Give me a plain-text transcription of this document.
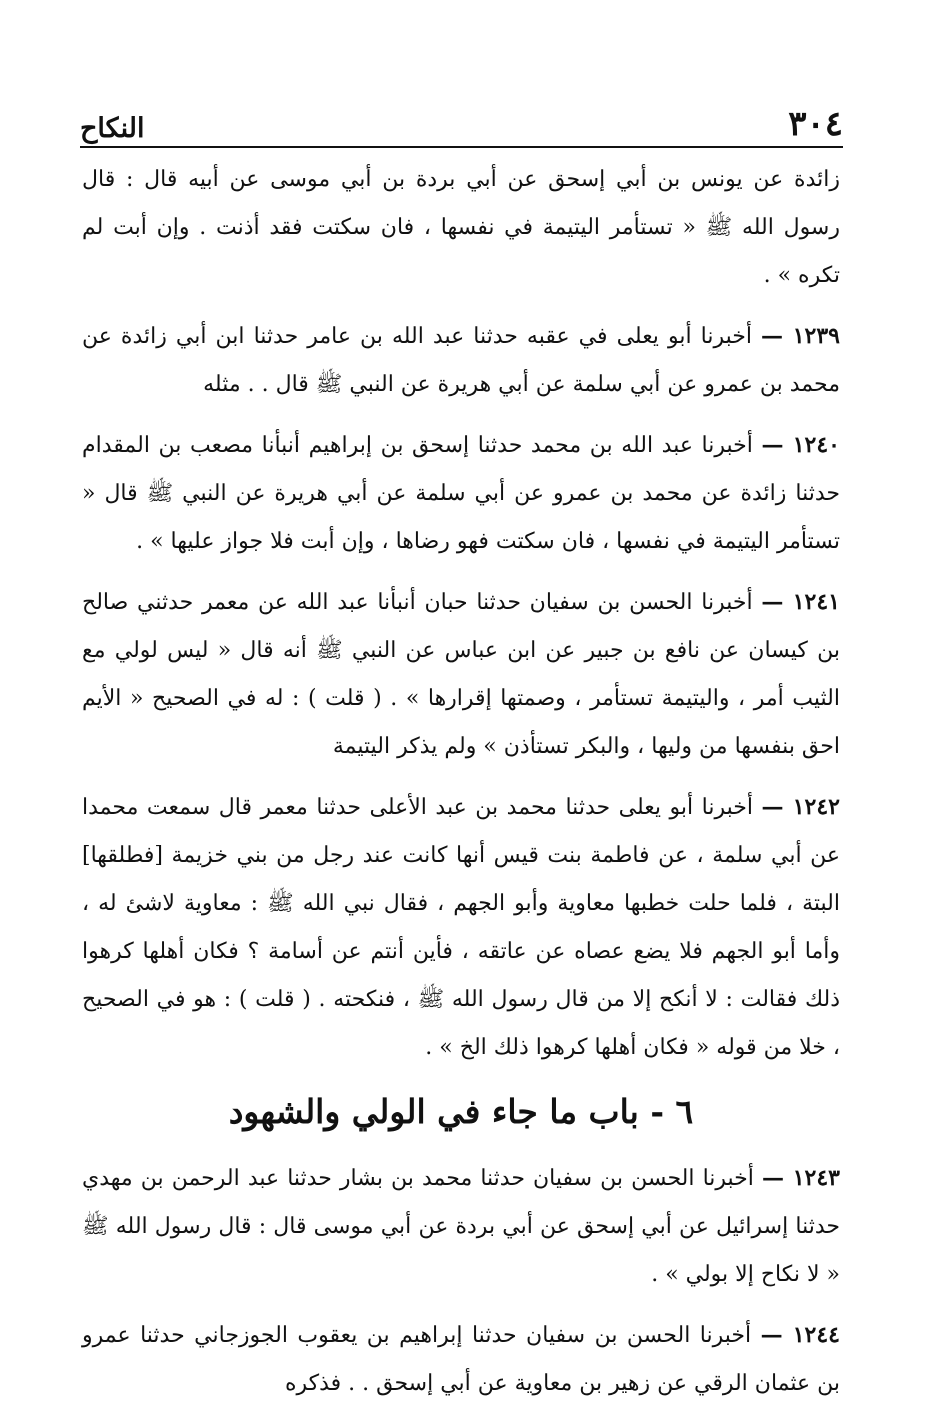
٣٠٤
النكاح

زائدة عن يونس بن أبي إسحق عن أبي بردة بن أبي موسى عن أبيه قال : قال رسول الله ﷺ « تستأمر اليتيمة في نفسها ، فان سكتت فقد أذنت . وإن أبت لم تكره » .

١٢٣٩ — أخبرنا أبو يعلى في عقبه حدثنا عبد الله بن عامر حدثنا ابن أبي زائدة عن محمد بن عمرو عن أبي سلمة عن أبي هريرة عن النبي ﷺ قال . . مثله

١٢٤٠ — أخبرنا عبد الله بن محمد حدثنا إسحق بن إبراهيم أنبأنا مصعب بن المقدام حدثنا زائدة عن محمد بن عمرو عن أبي سلمة عن أبي هريرة عن النبي ﷺ قال « تستأمر اليتيمة في نفسها ، فان سكتت فهو رضاها ، وإن أبت فلا جواز عليها » .

١٢٤١ — أخبرنا الحسن بن سفيان حدثنا حبان أنبأنا عبد الله عن معمر حدثني صالح بن كيسان عن نافع بن جبير عن ابن عباس عن النبي ﷺ أنه قال « ليس لولي مع الثيب أمر ، واليتيمة تستأمر ، وصمتها إقرارها » . ( قلت ) : له في الصحيح « الأيم احق بنفسها من وليها ، والبكر تستأذن » ولم يذكر اليتيمة

١٢٤٢ — أخبرنا أبو يعلى حدثنا محمد بن عبد الأعلى حدثنا معمر قال سمعت محمدا عن أبي سلمة ، عن فاطمة بنت قيس أنها كانت عند رجل من بني خزيمة [فطلقها] البتة ، فلما حلت خطبها معاوية وأبو الجهم ، فقال نبي الله ﷺ : معاوية لاشئ له ، وأما أبو الجهم فلا يضع عصاه عن عاتقه ، فأين أنتم عن أسامة ؟ فكان أهلها كرهوا ذلك فقالت : لا أنكح إلا من قال رسول الله ﷺ ، فنكحته . ( قلت ) : هو في الصحيح ، خلا من قوله « فكان أهلها كرهوا ذلك الخ » .

٦ - باب ما جاء في الولي والشهود

١٢٤٣ — أخبرنا الحسن بن سفيان حدثنا محمد بن بشار حدثنا عبد الرحمن بن مهدي حدثنا إسرائيل عن أبي إسحق عن أبي بردة عن أبي موسى قال : قال رسول الله ﷺ « لا نكاح إلا بولي » .

١٢٤٤ — أخبرنا الحسن بن سفيان حدثنا إبراهيم بن يعقوب الجوزجاني حدثنا عمرو بن عثمان الرقي عن زهير بن معاوية عن أبي إسحق . . فذكره
